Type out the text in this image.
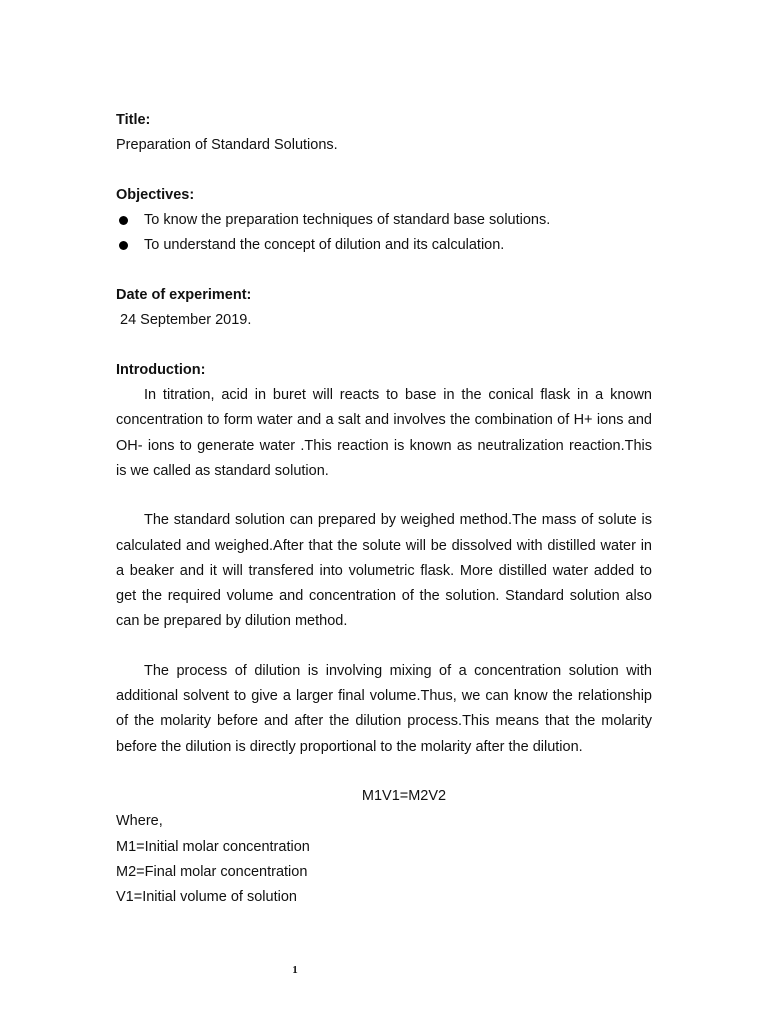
Title:

Preparation of Standard Solutions.

Objectives:

To know the preparation techniques of standard base solutions.
To understand the concept of dilution and its calculation.

Date of experiment:

24 September 2019.

Introduction:

In titration, acid in buret will reacts to base in the conical flask in a known concentration to form water and a salt and involves the combination of H+ ions and OH- ions to generate water .This reaction is known as neutralization reaction.This is we called as standard solution.

The standard solution can prepared by weighed method.The mass of solute is calculated and weighed.After that the solute will be dissolved with distilled water in a beaker and it will transfered into volumetric flask. More distilled water added to get the required volume and concentration of the solution. Standard solution also can be prepared by dilution method.

The process of dilution is involving mixing of a concentration solution with additional solvent to give a larger final volume.Thus, we can know the relationship of the molarity before and after the dilution process.This means that the molarity before the dilution is directly proportional to the molarity after the dilution.

M1V1=M2V2

Where,

M1=Initial molar concentration

M2=Final molar concentration

V1=Initial volume of solution

1
